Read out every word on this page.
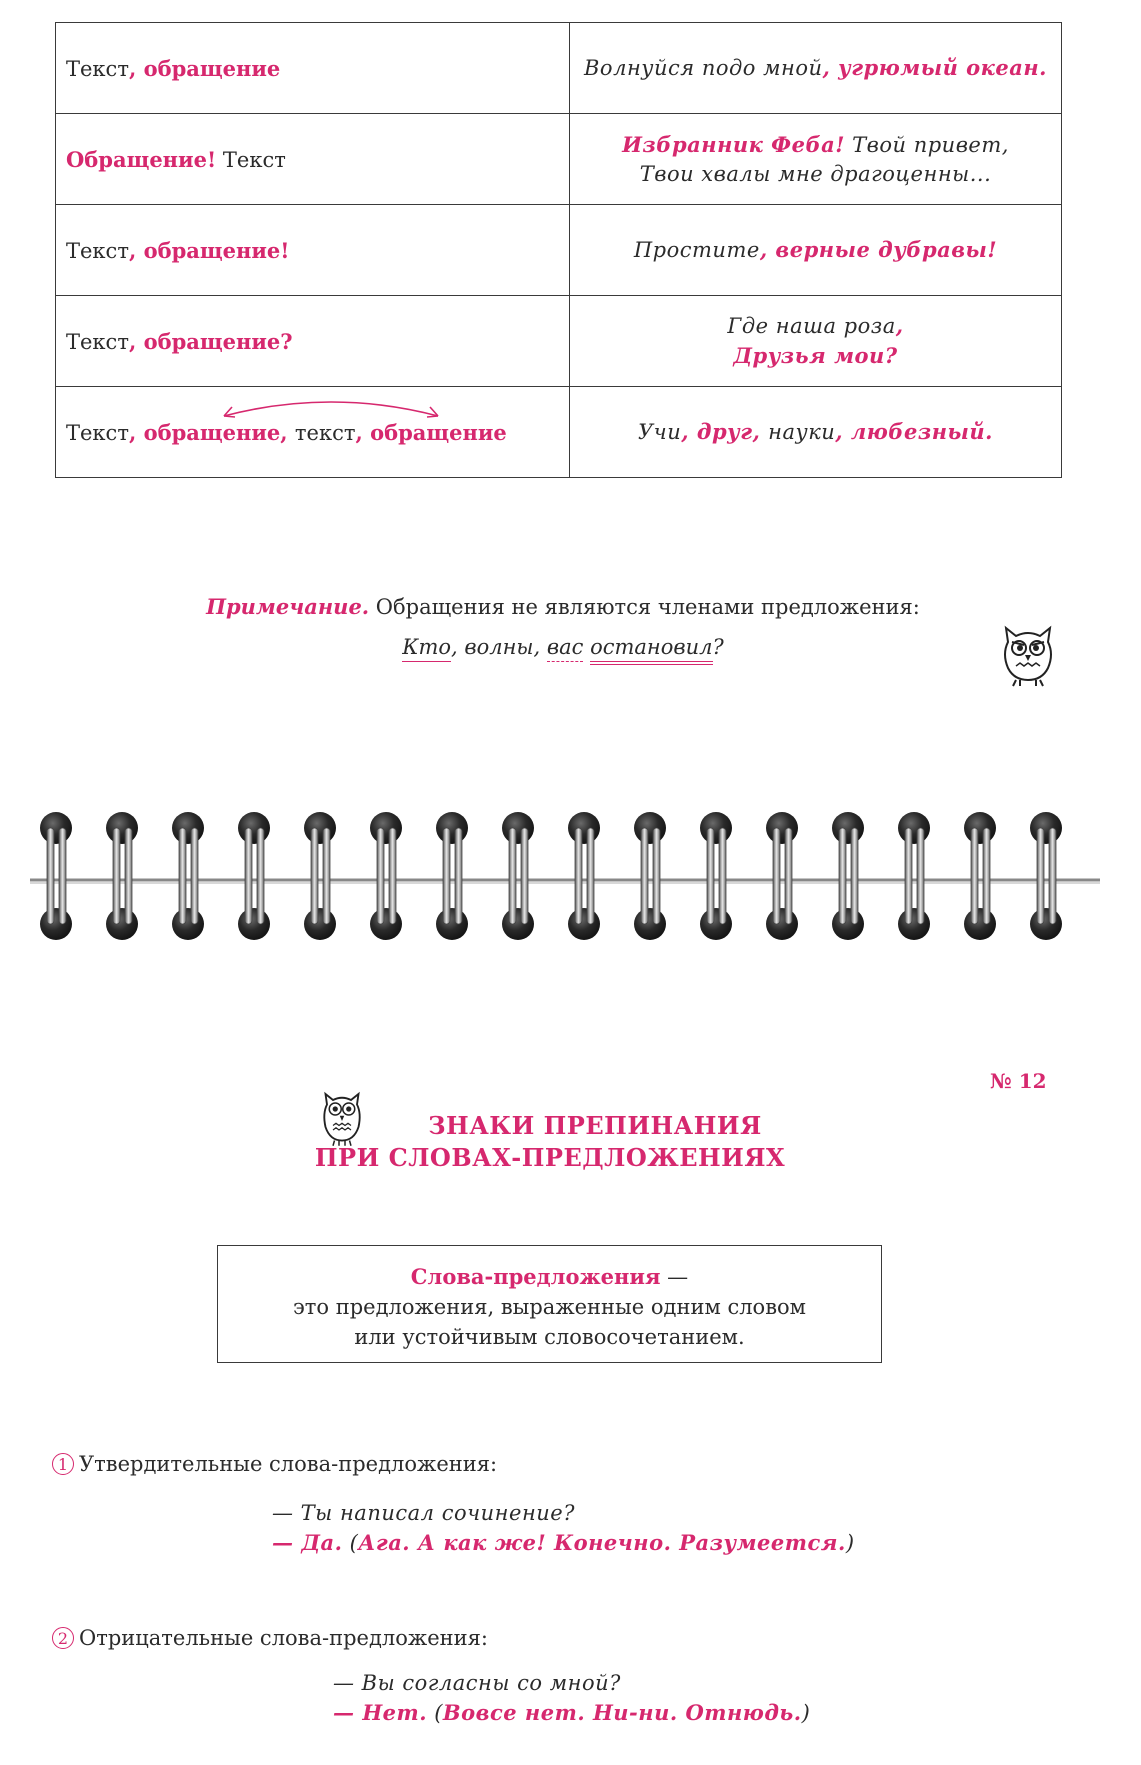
Текст, обращение	Волнуйся подо мной, угрюмый океан.

Обращение! Текст	Избранник Феба! Твой привет,
Твои хвалы мне драгоценны...

Текст, обращение!	Простите, верные дубравы!

Текст, обращение?	Где наша роза,
Друзья мои?

Текст, обращение, текст, обращение	Учи, друг, науки, любезный.
Примечание. Обращения не являются членами предложения:
Кто, волны, вас остановил?
№ 12
ЗНАКИ ПРЕПИНАНИЯ
ПРИ СЛОВАХ-ПРЕДЛОЖЕНИЯХ
Слова-предложения —
это предложения, выраженные одним словом
или устойчивым словосочетанием.
1 Утвердительные слова-предложения:
— Ты написал сочинение?
— Да. (Ага. А как же! Конечно. Разумеется.)
2 Отрицательные слова-предложения:
— Вы согласны со мной?
— Нет. (Вовсе нет. Ни-ни. Отнюдь.)
